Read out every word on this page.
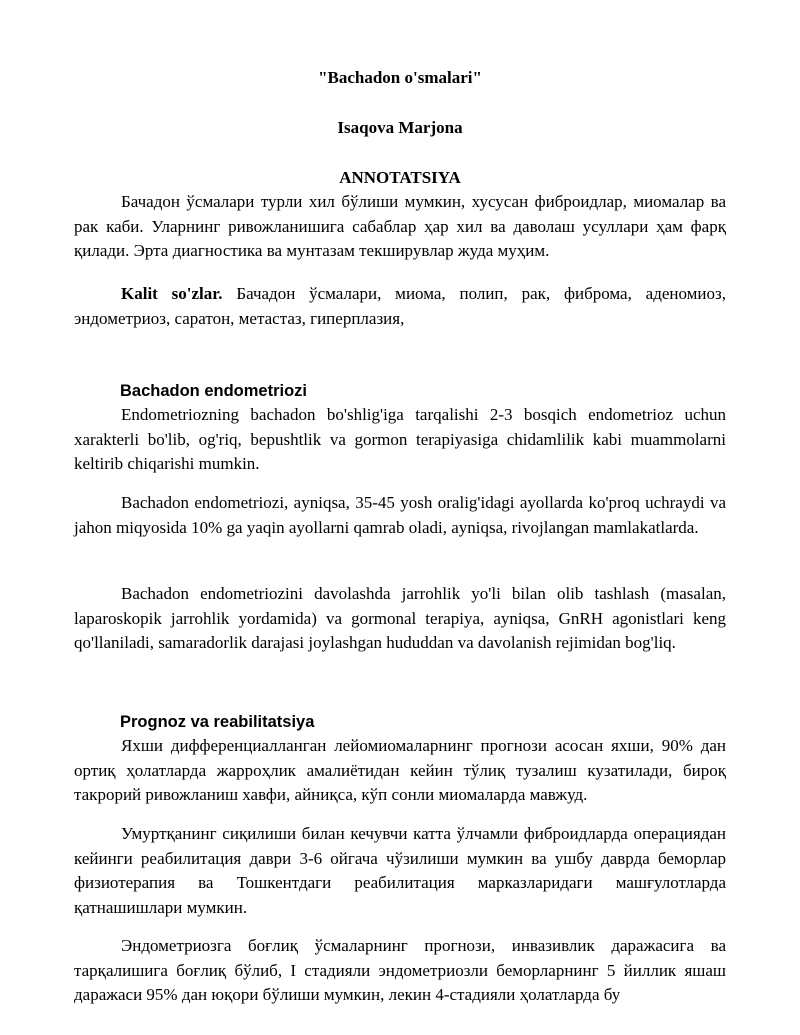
"Bachadon o'smalari"
Isaqova Marjona
ANNOTATSIYA
Бачадон ўсмалари турли хил бўлиши мумкин, хусусан фиброидлар, миомалар ва рак каби. Уларнинг ривожланишига сабаблар ҳар хил ва даволаш усуллари ҳам фарқ қилади. Эрта диагностика ва мунтазам текширувлар жуда муҳим.
Kalit so'zlar. Бачадон ўсмалари, миома, полип, рак, фиброма, аденомиоз, эндометриоз, саратон, метастаз, гиперплазия,
Bachadon endometriozi
Endometriozning bachadon bo'shlig'iga tarqalishi 2-3 bosqich endometrioz uchun xarakterli bo'lib, og'riq, bepushtlik va gormon terapiyasiga chidamlilik kabi muammolarni keltirib chiqarishi mumkin.
Bachadon endometriozi, ayniqsa, 35-45 yosh oralig'idagi ayollarda ko'proq uchraydi va jahon miqyosida 10% ga yaqin ayollarni qamrab oladi, ayniqsa, rivojlangan mamlakatlarda.
Bachadon endometriozini davolashda jarrohlik yo'li bilan olib tashlash (masalan, laparoskopik jarrohlik yordamida) va gormonal terapiya, ayniqsa, GnRH agonistlari keng qo'llaniladi, samaradorlik darajasi joylashgan hududdan va davolanish rejimidan bog'liq.
Prognoz va reabilitatsiya
Яхши дифференциалланган лейомиомаларнинг прогнози асосан яхши, 90% дан ортиқ ҳолатларда жарроҳлик амалиётидан кейин тўлиқ тузалиш кузатилади, бироқ такрорий ривожланиш хавфи, айниқса, кўп сонли миомаларда мавжуд.
Умуртқанинг сиқилиши билан кечувчи катта ўлчамли фиброидларда операциядан кейинги реабилитация даври 3-6 ойгача чўзилиши мумкин ва ушбу даврда беморлар физиотерапия ва Тошкентдаги реабилитация марказларидаги машғулотларда қатнашишлари мумкин.
Эндометриозга боғлиқ ўсмаларнинг прогнози, инвазивлик даражасига ва тарқалишига боғлиқ бўлиб, I стадияли эндометриозли беморларнинг 5 йиллик яшаш даражаси 95% дан юқори бўлиши мумкин, лекин 4-стадияли ҳолатларда бу
